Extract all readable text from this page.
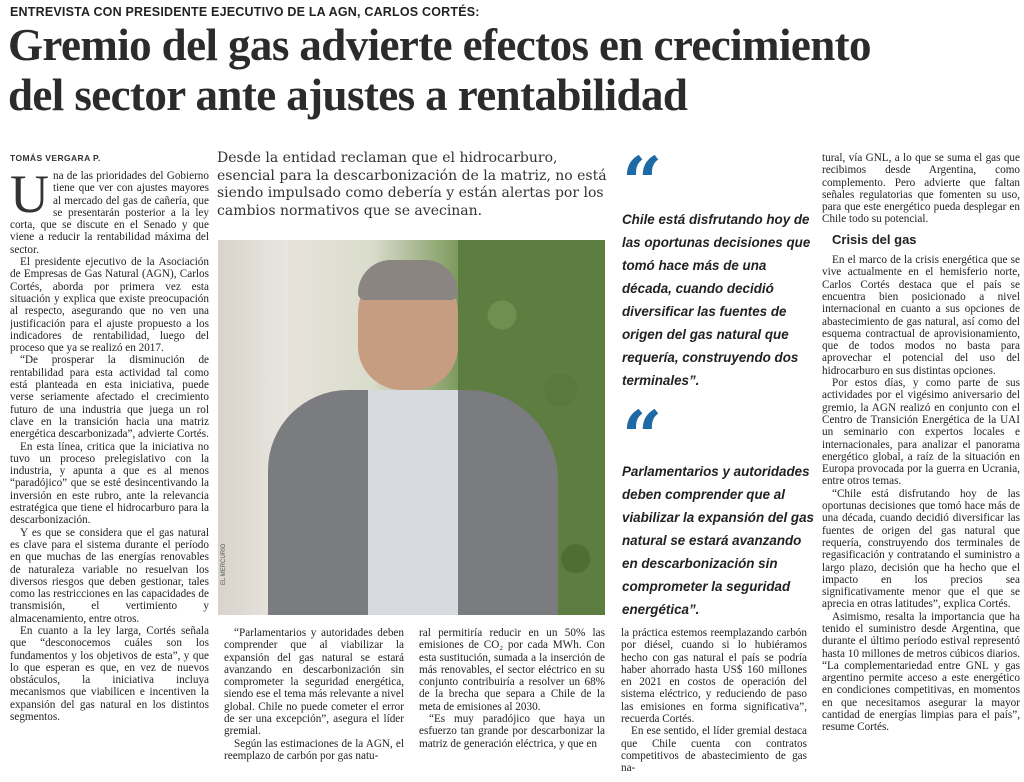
ENTREVISTA CON PRESIDENTE EJECUTIVO DE LA AGN, CARLOS CORTÉS:
Gremio del gas advierte efectos en crecimiento
del sector ante ajustes a rentabilidad
TOMÁS VERGARA P.

Una de las prioridades del Gobierno tiene que ver con ajustes mayores al mercado del gas de cañería, que se presentarán posterior a la ley corta, que se discute en el Senado y que viene a reducir la rentabilidad máxima del sector.

El presidente ejecutivo de la Asociación de Empresas de Gas Natural (AGN), Carlos Cortés, aborda por primera vez esta situación y explica que existe preocupación al respecto, asegurando que no ven una justificación para el ajuste propuesto a los indicadores de rentabilidad, luego del proceso que ya se realizó en 2017.

“De prosperar la disminución de rentabilidad para esta actividad tal como está planteada en esta iniciativa, puede verse seriamente afectado el crecimiento futuro de una industria que juega un rol clave en la transición hacia una matriz energética descarbonizada”, advierte Cortés.

En esta línea, critica que la iniciativa no tuvo un proceso prelegislativo con la industria, y apunta a que es al menos “paradójico” que se esté desincentivando la inversión en este rubro, ante la relevancia estratégica que tiene el hidrocarburo para la descarbonización.

Y es que se considera que el gas natural es clave para el sistema durante el período en que muchas de las energías renovables de naturaleza variable no resuelvan los diversos riesgos que deben gestionar, tales como las restricciones en las capacidades de transmisión, el vertimiento y almacenamiento, entre otros.

En cuanto a la ley larga, Cortés señala que “desconocemos cuáles son los fundamentos y los objetivos de esta”, y que lo que esperan es que, en vez de nuevos obstáculos, la iniciativa incluya mecanismos que viabilicen e incentiven la expansión del gas natural en los distintos segmentos.

Desde la entidad reclaman que el hidrocarburo, esencial para la descarbonización de la matriz, no está siendo impulsado como debería y están alertas por los cambios normativos que se avecinan.
EL MERCURIO

“Parlamentarios y autoridades deben comprender que al viabilizar la expansión del gas natural se estará avanzando en descarbonización sin comprometer la seguridad energética, siendo ese el tema más relevante a nivel global. Chile no puede cometer el error de ser una excepción”, asegura el líder gremial.

Según las estimaciones de la AGN, el reemplazo de carbón por gas natu-

ral permitiría reducir en un 50% las emisiones de CO₂ por cada MWh. Con esta sustitución, sumada a la inserción de más renovables, el sector eléctrico en su conjunto contribuiría a resolver un 68% de la brecha que separa a Chile de la meta de emisiones al 2030.

“Es muy paradójico que haya un esfuerzo tan grande por descarbonizar la matriz de generación eléctrica, y que en

“
Chile está disfrutando hoy de las oportunas decisiones que tomó hace más de una década, cuando decidió diversificar las fuentes de origen del gas natural que requería, construyendo dos terminales”.
“
Parlamentarios y autoridades deben comprender que al viabilizar la expansión del gas natural se estará avanzando en descarbonización sin comprometer la seguridad energética”.

la práctica estemos reemplazando carbón por diésel, cuando si lo hubiéramos hecho con gas natural el país se podría haber ahorrado hasta US$ 160 millones en 2021 en costos de operación del sistema eléctrico, y reduciendo de paso las emisiones en forma significativa”, recuerda Cortés.

En ese sentido, el líder gremial destaca que Chile cuenta con contratos competitivos de abastecimiento de gas na-

tural, vía GNL, a lo que se suma el gas que recibimos desde Argentina, como complemento. Pero advierte que faltan señales regulatorias que fomenten su uso, para que este energético pueda desplegar en Chile todo su potencial.

Crisis del gas

En el marco de la crisis energética que se vive actualmente en el hemisferio norte, Carlos Cortés destaca que el país se encuentra bien posicionado a nivel internacional en cuanto a sus opciones de abastecimiento de gas natural, así como del esquema contractual de aprovisionamiento, que de todos modos no basta para aprovechar el potencial del uso del hidrocarburo en sus distintas opciones.

Por estos días, y como parte de sus actividades por el vigésimo aniversario del gremio, la AGN realizó en conjunto con el Centro de Transición Energética de la UAI un seminario con expertos locales e internacionales, para analizar el panorama energético global, a raíz de la situación en Europa provocada por la guerra en Ucrania, entre otros temas.

“Chile está disfrutando hoy de las oportunas decisiones que tomó hace más de una década, cuando decidió diversificar las fuentes de origen del gas natural que requería, construyendo dos terminales de regasificación y contratando el suministro a largo plazo, decisión que ha hecho que el impacto en los precios sea significativamente menor que el que se aprecia en otras latitudes”, explica Cortés.

Asimismo, resalta la importancia que ha tenido el suministro desde Argentina, que durante el último período estival representó hasta 10 millones de metros cúbicos diarios. “La complementariedad entre GNL y gas argentino permite acceso a este energético en condiciones competitivas, en momentos en que necesitamos asegurar la mayor cantidad de energías limpias para el país”, resume Cortés.
